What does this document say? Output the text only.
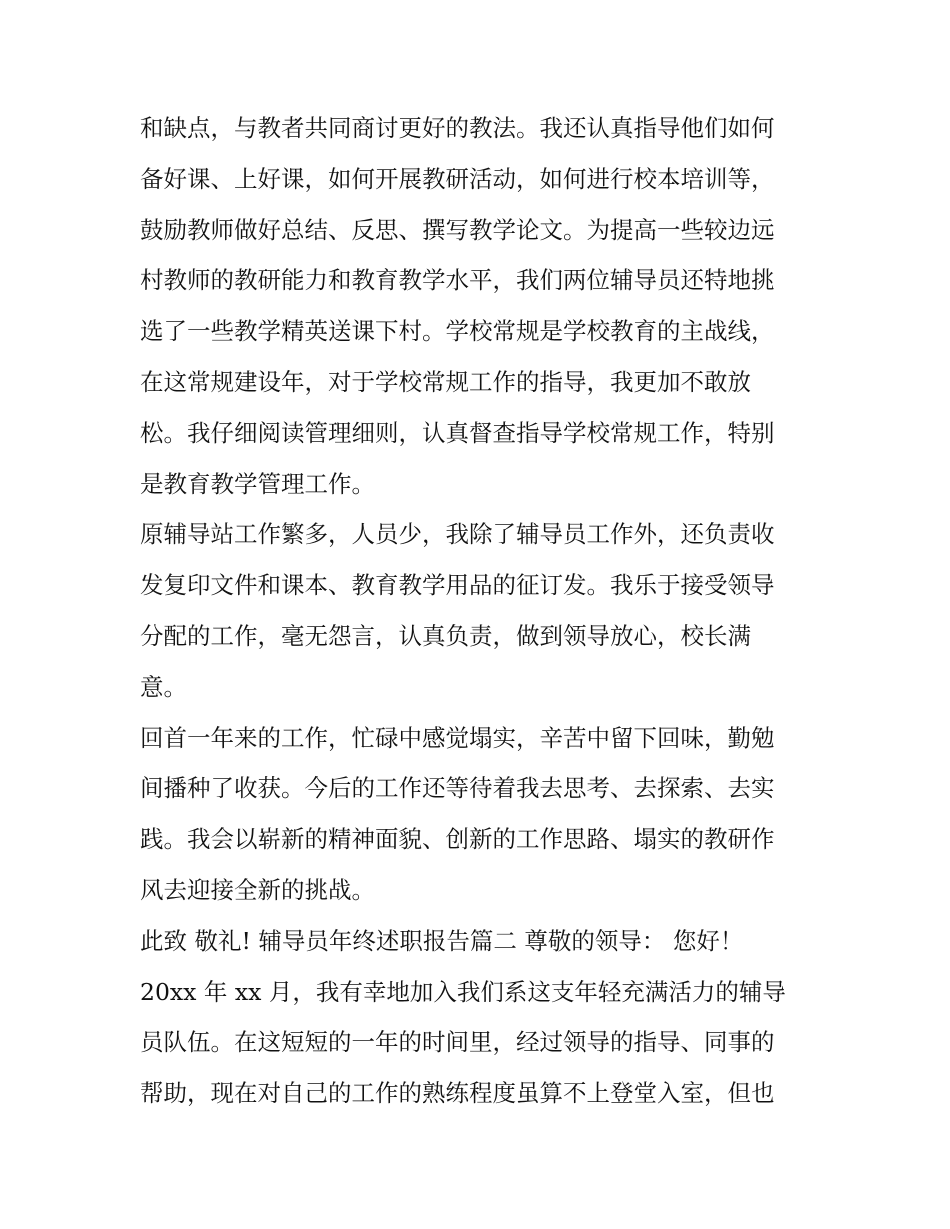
和缺点，与教者共同商讨更好的教法。我还认真指导他们如何
备好课、上好课，如何开展教研活动，如何进行校本培训等，
鼓励教师做好总结、反思、撰写教学论文。为提高一些较边远
村教师的教研能力和教育教学水平，我们两位辅导员还特地挑
选了一些教学精英送课下村。学校常规是学校教育的主战线，
在这常规建设年，对于学校常规工作的指导，我更加不敢放
松。我仔细阅读管理细则，认真督查指导学校常规工作，特别
是教育教学管理工作。
原辅导站工作繁多，人员少，我除了辅导员工作外，还负责收
发复印文件和课本、教育教学用品的征订发。我乐于接受领导
分配的工作，毫无怨言，认真负责，做到领导放心，校长满
意。
回首一年来的工作，忙碌中感觉塌实，辛苦中留下回味，勤勉
间播种了收获。今后的工作还等待着我去思考、去探索、去实
践。我会以崭新的精神面貌、创新的工作思路、塌实的教研作
风去迎接全新的挑战。
此致 敬礼! 辅导员年终述职报告篇二 尊敬的领导： 您好！
20xx 年 xx 月，我有幸地加入我们系这支年轻充满活力的辅导
员队伍。在这短短的一年的时间里，经过领导的指导、同事的
帮助，现在对自己的工作的熟练程度虽算不上登堂入室，但也
